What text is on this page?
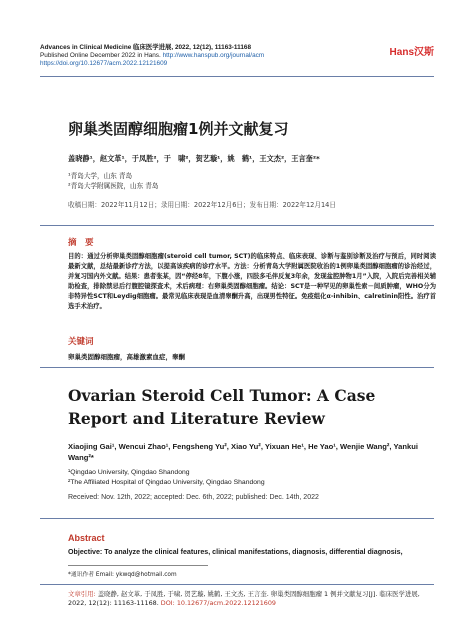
Advances in Clinical Medicine 临床医学进展, 2022, 12(12), 11163-11168
Published Online December 2022 in Hans. http://www.hanspub.org/journal/acm
https://doi.org/10.12677/acm.2022.12121609
Hans汉斯
卵巢类固醇细胞瘤1例并文献复习
盖晓静¹，赵文革¹，于凤胜²，于　啸²，贺艺璇¹，姚　鹤¹，王文杰²，王言奎²*
¹青岛大学，山东 青岛
²青岛大学附属医院，山东 青岛
收稿日期：2022年11月12日；录用日期：2022年12月6日；发布日期：2022年12月14日
摘　要
目的：通过分析卵巢类固醇细胞瘤(steroid cell tumor, SCT)的临床特点、临床表现、诊断与鉴别诊断及治疗与预后，同时阅读最新文献，总结最新诊疗方法，以提高该疾病的诊疗水平。方法：分析青岛大学附属医院收治的1例卵巢类固醇细胞瘤的诊治经过，并复习国内外文献。结果：患者张某，因“停经8年，下腹小涨，四肢多毛伴反复3年余，发现盆腔肿物1月”入院，入院后完善相关辅助检查，排除禁忌后行腹腔镜探查术，术后病理：右卵巢类固醇细胞瘤。结论：SCT是一种罕见的卵巢性索－间质肿瘤，WHO分为非特异性SCT和Leydig细胞瘤。最常见临床表现是血清睾酮升高，出现男性特征。免疫组化α-inhibin、calretinin阳性。治疗首选手术治疗。
关键词
卵巢类固醇细胞瘤，高雄激素血症，睾酮
Ovarian Steroid Cell Tumor: A Case Report and Literature Review
Xiaojing Gai¹, Wencui Zhao¹, Fengsheng Yu², Xiao Yu², Yixuan He¹, He Yao¹, Wenjie Wang², Yankui Wang²*
¹Qingdao University, Qingdao Shandong
²The Affiliated Hospital of Qingdao University, Qingdao Shandong
Received: Nov. 12th, 2022; accepted: Dec. 6th, 2022; published: Dec. 14th, 2022
Abstract
Objective: To analyze the clinical features, clinical manifestations, diagnosis, differential diagnosis,
*通讯作者 Email: ykwqd@hotmail.com
文章引用: 盖晓静, 赵文革, 于凤胜, 于啸, 贺艺璇, 姚鹤, 王文杰, 王言奎. 卵巢类固醇细胞瘤 1 例并文献复习[J]. 临床医学进展, 2022, 12(12): 11163-11168. DOI: 10.12677/acm.2022.12121609
